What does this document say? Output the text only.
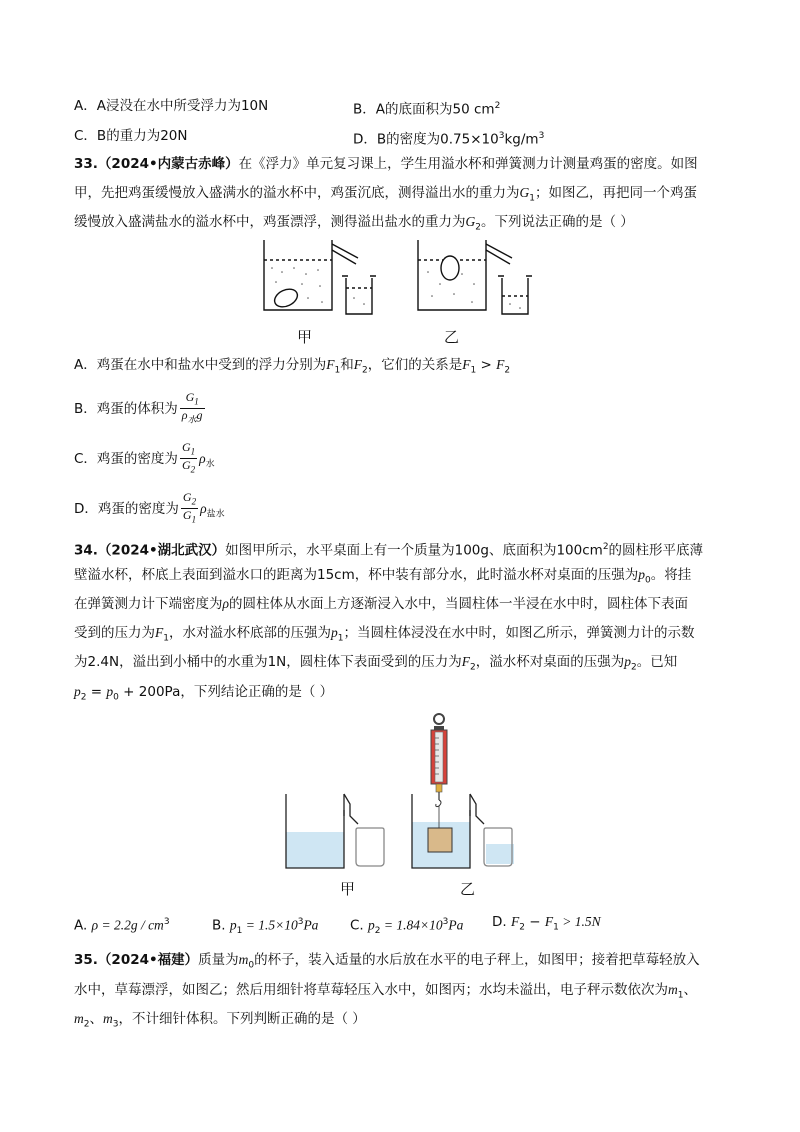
A．A浸没在水中所受浮力为10N	B．A的底面积为50 $cm^2$
C．B的重力为20N	D．B的密度为$0.75\times 10^3kg/m^3$
33.（2024•内蒙古赤峰）在《浮力》单元复习课上，学生用溢水杯和弹簧测力计测量鸡蛋的密度。如图
甲，先把鸡蛋缓慢放入盛满水的溢水杯中，鸡蛋沉底，测得溢出水的重力为$G_1$；如图乙，再把同一个鸡蛋
缓慢放入盛满盐水的溢水杯中，鸡蛋漂浮，测得溢出盐水的重力为$G_2$。下列说法正确的是（ ）
甲	乙
A．鸡蛋在水中和盐水中受到的浮力分别为$F_1$和$F_2$，它们的关系是$F_1 > F_2$
B．鸡蛋的体积为 $\frac{G_1}{\rho_水g}$
C．鸡蛋的密度为 $\frac{G_1}{G_2} \rho_水$
D．鸡蛋的密度为 $\frac{G_2}{G_1} \rho_{盐水}$
34.（2024•湖北武汉）如图甲所示，水平桌面上有一个质量为100g、底面积为$100cm^2$的圆柱形平底薄
壁溢水杯，杯底上表面到溢水口的距离为15cm，杯中装有部分水，此时溢水杯对桌面的压强为$p_0$。将挂
在弹簧测力计下端密度为ρ的圆柱体从水面上方逐渐浸入水中，当圆柱体一半浸在水中时，圆柱体下表面
受到的压力为$F_1$，水对溢水杯底部的压强为$p_1$；当圆柱体浸没在水中时，如图乙所示，弹簧测力计的示数
为2.4N，溢出到小桶中的水重为1N，圆柱体下表面受到的压力为$F_2$，溢水杯对桌面的压强为$p_2$。已知
$p_2 = p_0 + 200Pa$，下列结论正确的是（ ）
甲	乙
A. $\rho = 2.2g / cm^3$	B. $p_1 = 1.5\times 10^3Pa$ C. $p_2 = 1.84\times 10^3Pa$ D. $F_2 - F_1 > 1.5N$
35.（2024•福建）质量为$m_0$的杯子，装入适量的水后放在水平的电子秤上，如图甲；接着把草莓轻放入
水中，草莓漂浮，如图乙；然后用细针将草莓轻压入水中，如图丙；水均未溢出，电子秤示数依次为$m_1$、
$m_2$、$m_3$，不计细针体积。下列判断正确的是（ ）
